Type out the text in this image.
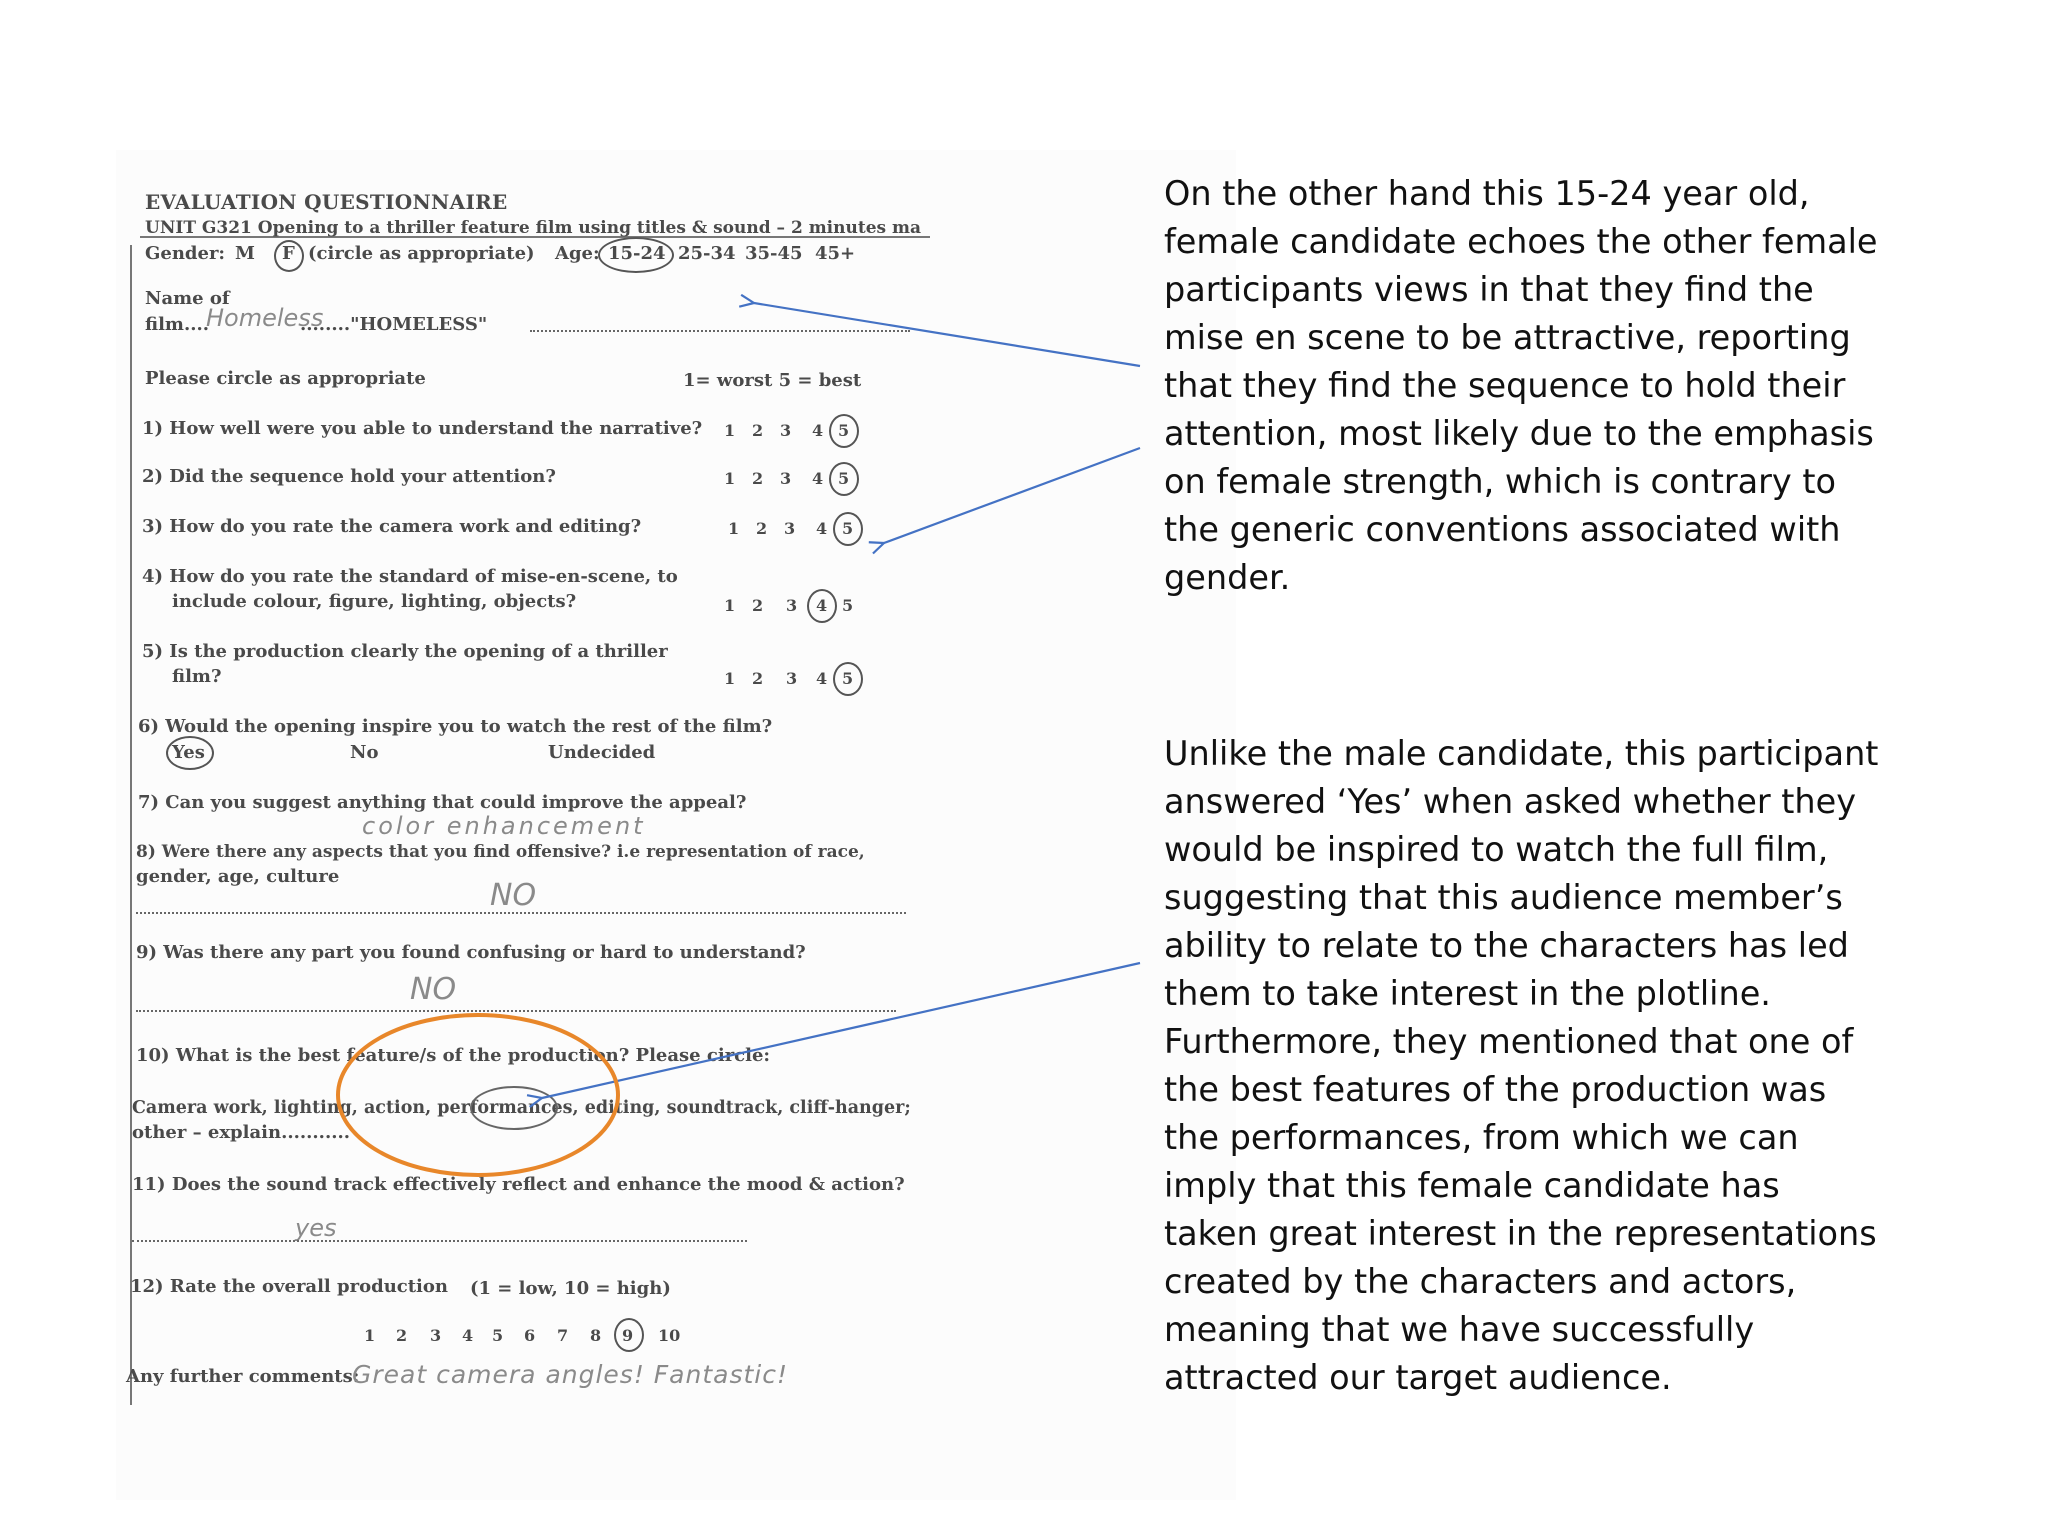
EVALUATION QUESTIONNAIRE
UNIT G321 Opening to a thriller feature film using titles & sound – 2 minutes ma
Gender: M F (circle as appropriate) Age: 15-24 25-34 35-45 45+
Name of
film....
Homeless
........"HOMELESS"
Please circle as appropriate	1= worst 5 = best
1) How well were you able to understand the narrative? 1 2 3 4 5
2) Did the sequence hold your attention?	1 2 3 4 5
3) How do you rate the camera work and editing?	1 2 3 4 5
4) How do you rate the standard of mise-en-scene, to
include colour, figure, lighting, objects?	1 2 3 4 5
5) Is the production clearly the opening of a thriller
film?	1 2 3 4 5
6) Would the opening inspire you to watch the rest of the film?
Yes	No	Undecided
7) Can you suggest anything that could improve the appeal?
color enhancement
8) Were there any aspects that you find offensive? i.e representation of race,
gender, age, culture
NO
9) Was there any part you found confusing or hard to understand?
NO
10) What is the best feature/s of the production? Please circle:
Camera work, lighting, action, performances, editing, soundtrack, cliff-hanger;
other – explain...........
11) Does the sound track effectively reflect and enhance the mood & action?
yes
12) Rate the overall production (1 = low, 10 = high)
1 2 3 4 5 6 7 8 9 10
Any further comments:
Great camera angles! Fantastic!
On the other hand this 15-24 year old, female candidate echoes the other female participants views in that they find the mise en scene to be attractive, reporting that they find the sequence to hold their attention, most likely due to the emphasis on female strength, which is contrary to the generic conventions associated with gender.
Unlike the male candidate, this participant answered ‘Yes’ when asked whether they would be inspired to watch the full film, suggesting that this audience member’s ability to relate to the characters has led them to take interest in the plotline. Furthermore, they mentioned that one of the best features of the production was the performances, from which we can imply that this female candidate has taken great interest in the representations created by the characters and actors, meaning that we have successfully attracted our target audience.
